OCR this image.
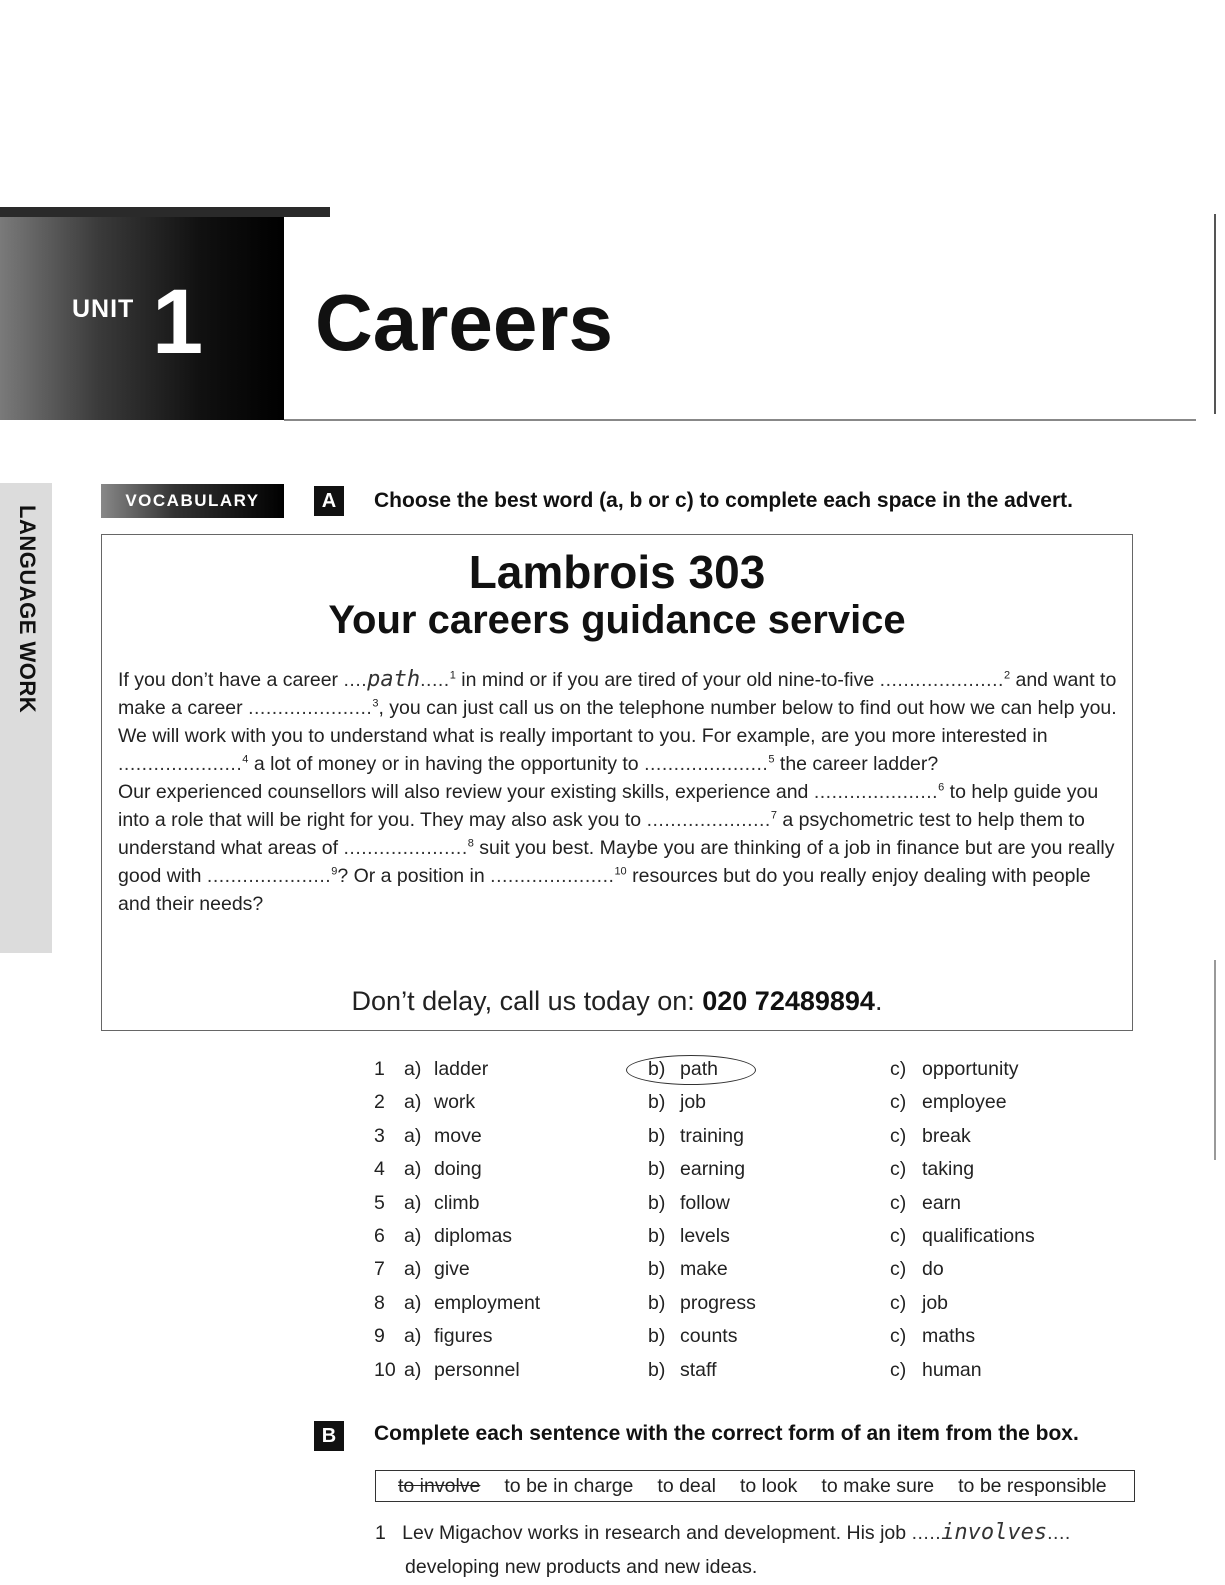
UNIT 1 Careers
LANGUAGE WORK
VOCABULARY	A	Choose the best word (a, b or c) to complete each space in the advert.
Lambrois 303
Your careers guidance service

If you don’t have a career ....path.....$^1$ in mind or if you are tired of your old nine-to-five .....................$^2$ and want to make a career .....................$^3$, you can just call us on the telephone number below to find out how we can help you.

We will work with you to understand what is really important to you. For example, are you more interested in .....................$^4$ a lot of money or in having the opportunity to .....................$^5$ the career ladder?

Our experienced counsellors will also review your existing skills, experience and .....................$^6$ to help guide you into a role that will be right for you. They may also ask you to .....................$^7$ a psychometric test to help them to understand what areas of .....................$^8$ suit you best. Maybe you are thinking of a job in finance but are you really good with .....................$^9$? Or a position in .....................$^{10}$ resources but do you really enjoy dealing with people and their needs?

Don’t delay, call us today on: 020 72489894.
1 a) ladder	b) path	c) opportunity
2 a) work	b) job	c) employee
3 a) move	b) training	c) break
4 a) doing	b) earning	c) taking
5 a) climb	b) follow	c) earn
6 a) diplomas	b) levels	c) qualifications
7 a) give	b) make	c) do
8 a) employment	b) progress	c) job
9 a) figures	b) counts	c) maths
10 a) personnel	b) staff	c) human
B	Complete each sentence with the correct form of an item from the box.
to involve to be in charge to deal to look to make sure to be responsible
1 Lev Migachov works in research and development. His job .....involves....
developing new products and new ideas.
